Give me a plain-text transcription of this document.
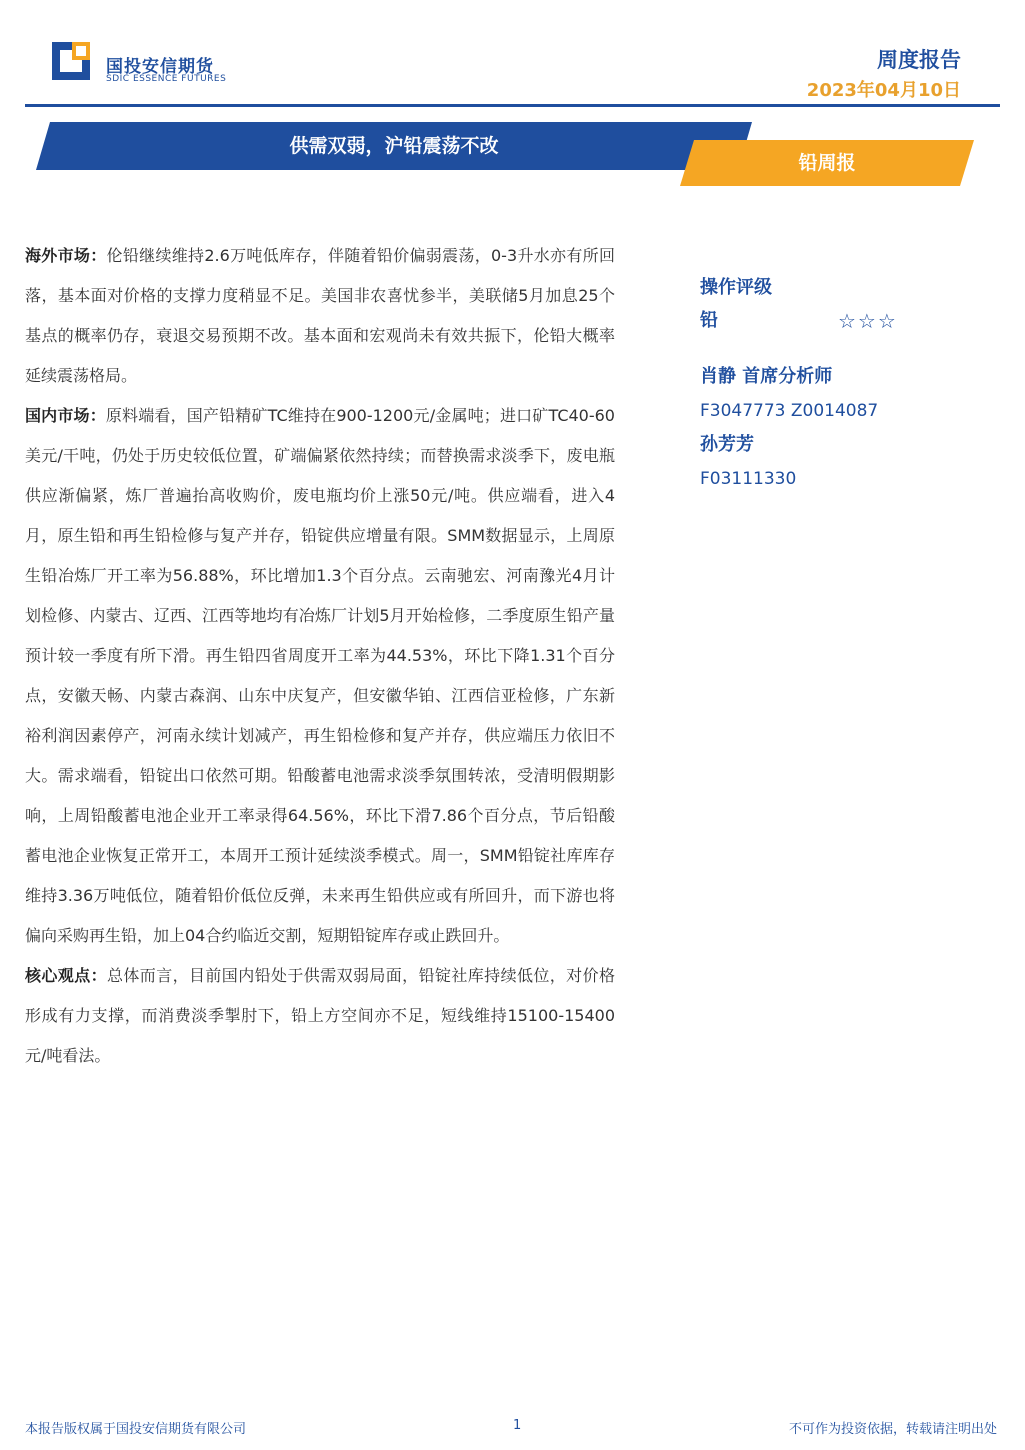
国投安信期货
SDIC ESSENCE FUTURES
周度报告
2023年04月10日
供需双弱，沪铅震荡不改
铅周报

海外市场：伦铅继续维持2.6万吨低库存，伴随着铅价偏弱震荡，0-3升水亦有所回落，基本面对价格的支撑力度稍显不足。美国非农喜忧参半，美联储5月加息25个基点的概率仍存，衰退交易预期不改。基本面和宏观尚未有效共振下，伦铅大概率延续震荡格局。

国内市场：原料端看，国产铅精矿TC维持在900-1200元/金属吨；进口矿TC40-60美元/干吨，仍处于历史较低位置，矿端偏紧依然持续；而替换需求淡季下，废电瓶供应渐偏紧，炼厂普遍抬高收购价，废电瓶均价上涨50元/吨。供应端看，进入4月，原生铅和再生铅检修与复产并存，铅锭供应增量有限。SMM数据显示，上周原生铅冶炼厂开工率为56.88%，环比增加1.3个百分点。云南驰宏、河南豫光4月计划检修、内蒙古、辽西、江西等地均有冶炼厂计划5月开始检修，二季度原生铅产量预计较一季度有所下滑。再生铅四省周度开工率为44.53%，环比下降1.31个百分点，安徽天畅、内蒙古森润、山东中庆复产，但安徽华铂、江西信亚检修，广东新裕利润因素停产，河南永续计划减产，再生铅检修和复产并存，供应端压力依旧不大。需求端看，铅锭出口依然可期。铅酸蓄电池需求淡季氛围转浓，受清明假期影响，上周铅酸蓄电池企业开工率录得64.56%，环比下滑7.86个百分点，节后铅酸蓄电池企业恢复正常开工，本周开工预计延续淡季模式。周一，SMM铅锭社库库存维持3.36万吨低位，随着铅价低位反弹，未来再生铅供应或有所回升，而下游也将偏向采购再生铅，加上04合约临近交割，短期铅锭库存或止跌回升。

核心观点：总体而言，目前国内铅处于供需双弱局面，铅锭社库持续低位，对价格形成有力支撑，而消费淡季掣肘下，铅上方空间亦不足，短线维持15100-15400元/吨看法。

操作评级
铅	☆☆☆
肖静 首席分析师
F3047773 Z0014087
孙芳芳
F03111330
本报告版权属于国投安信期货有限公司	1	不可作为投资依据，转载请注明出处
